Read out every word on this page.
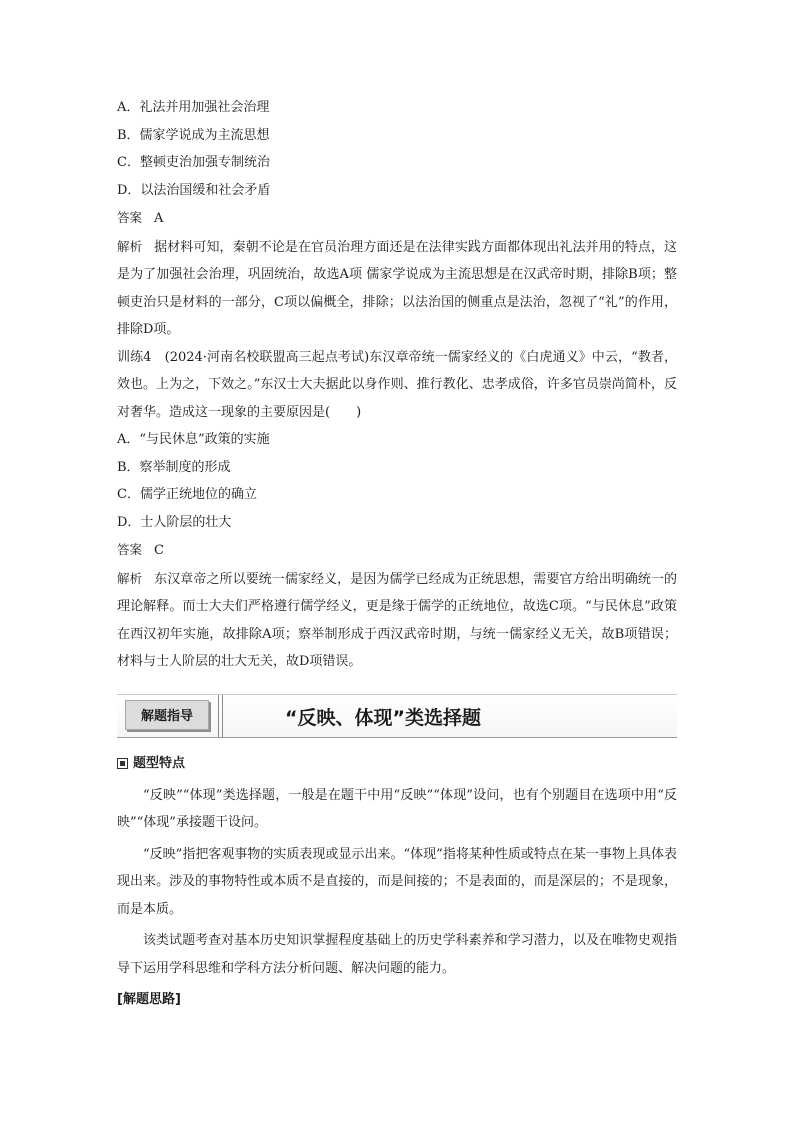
A．礼法并用加强社会治理
B．儒家学说成为主流思想
C．整顿吏治加强专制统治
D．以法治国缓和社会矛盾
答案 A
解析 据材料可知，秦朝不论是在官员治理方面还是在法律实践方面都体现出礼法并用的特点，这是为了加强社会治理，巩固统治，故选A项 儒家学说成为主流思想是在汉武帝时期，排除B项；整顿吏治只是材料的一部分，C项以偏概全，排除；以法治国的侧重点是法治，忽视了“礼”的作用，排除D项。
训练4　(2024·河南名校联盟高三起点考试)东汉章帝统一儒家经义的《白虎通义》中云，“教者，效也。上为之，下效之。”东汉士大夫据此以身作则、推行教化、忠孝成俗，许多官员崇尚简朴，反对奢华。造成这一现象的主要原因是(　　)
A．“与民休息”政策的实施
B．察举制度的形成
C．儒学正统地位的确立
D．士人阶层的壮大
答案 C
解析 东汉章帝之所以要统一儒家经义，是因为儒学已经成为正统思想，需要官方给出明确统一的理论解释。而士大夫们严格遵行儒学经义，更是缘于儒学的正统地位，故选C项。“与民休息”政策在西汉初年实施，故排除A项；察举制形成于西汉武帝时期，与统一儒家经义无关，故B项错误；材料与士人阶层的壮大无关，故D项错误。
解题指导	“反映、体现”类选择题
题型特点
“反映”“体现”类选择题，一般是在题干中用“反映”“体现”设问，也有个别题目在选项中用“反映”“体现”承接题干设问。
“反映”指把客观事物的实质表现或显示出来。“体现”指将某种性质或特点在某一事物上具体表现出来。涉及的事物特性或本质不是直接的，而是间接的；不是表面的，而是深层的；不是现象，而是本质。
该类试题考查对基本历史知识掌握程度基础上的历史学科素养和学习潜力，以及在唯物史观指导下运用学科思维和学科方法分析问题、解决问题的能力。
[解题思路]
